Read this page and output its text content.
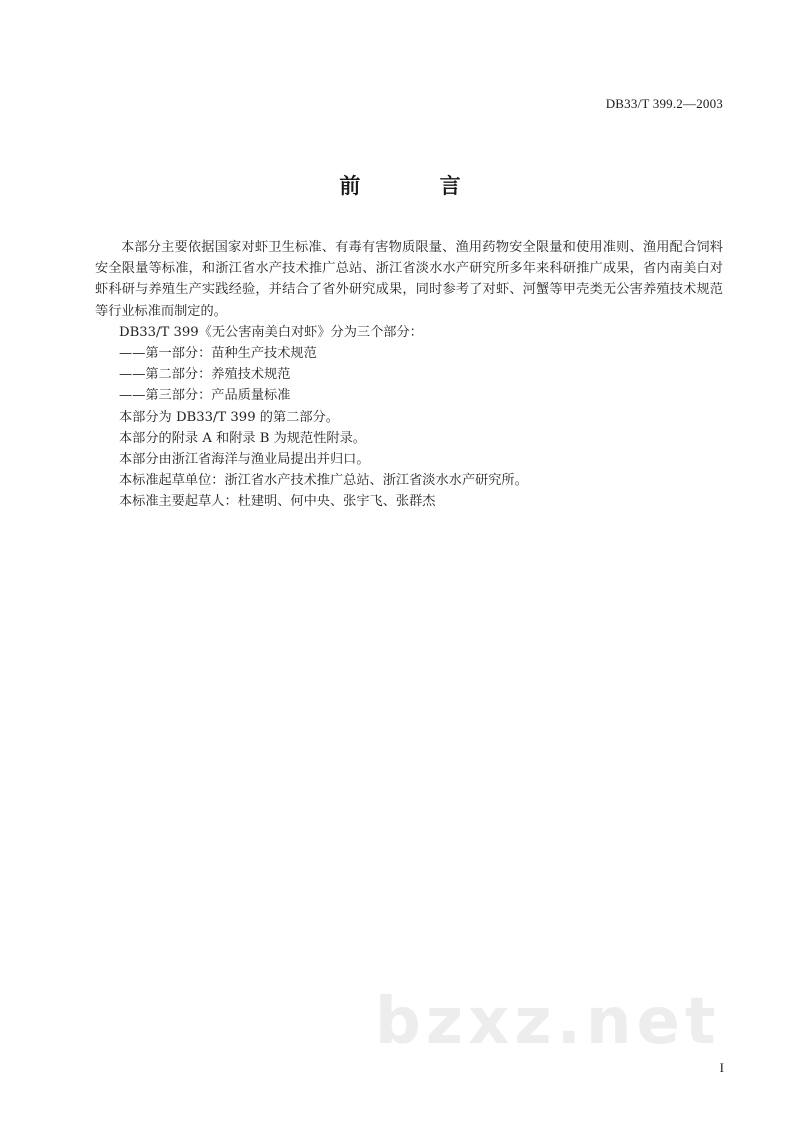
DB33/T 399.2—2003
前 言

本部分主要依据国家对虾卫生标准、有毒有害物质限量、渔用药物安全限量和使用准则、渔用配合饲料安全限量等标准，和浙江省水产技术推广总站、浙江省淡水水产研究所多年来科研推广成果，省内南美白对虾科研与养殖生产实践经验，并结合了省外研究成果，同时参考了对虾、河蟹等甲壳类无公害养殖技术规范等行业标准而制定的。

DB33/T 399《无公害南美白对虾》分为三个部分：

——第一部分：苗种生产技术规范

——第二部分：养殖技术规范

——第三部分：产品质量标准

本部分为 DB33/T 399 的第二部分。

本部分的附录 A 和附录 B 为规范性附录。

本部分由浙江省海洋与渔业局提出并归口。

本标准起草单位：浙江省水产技术推广总站、浙江省淡水水产研究所。

本标准主要起草人：杜建明、何中央、张宇飞、张群杰

bzxz.net
I
